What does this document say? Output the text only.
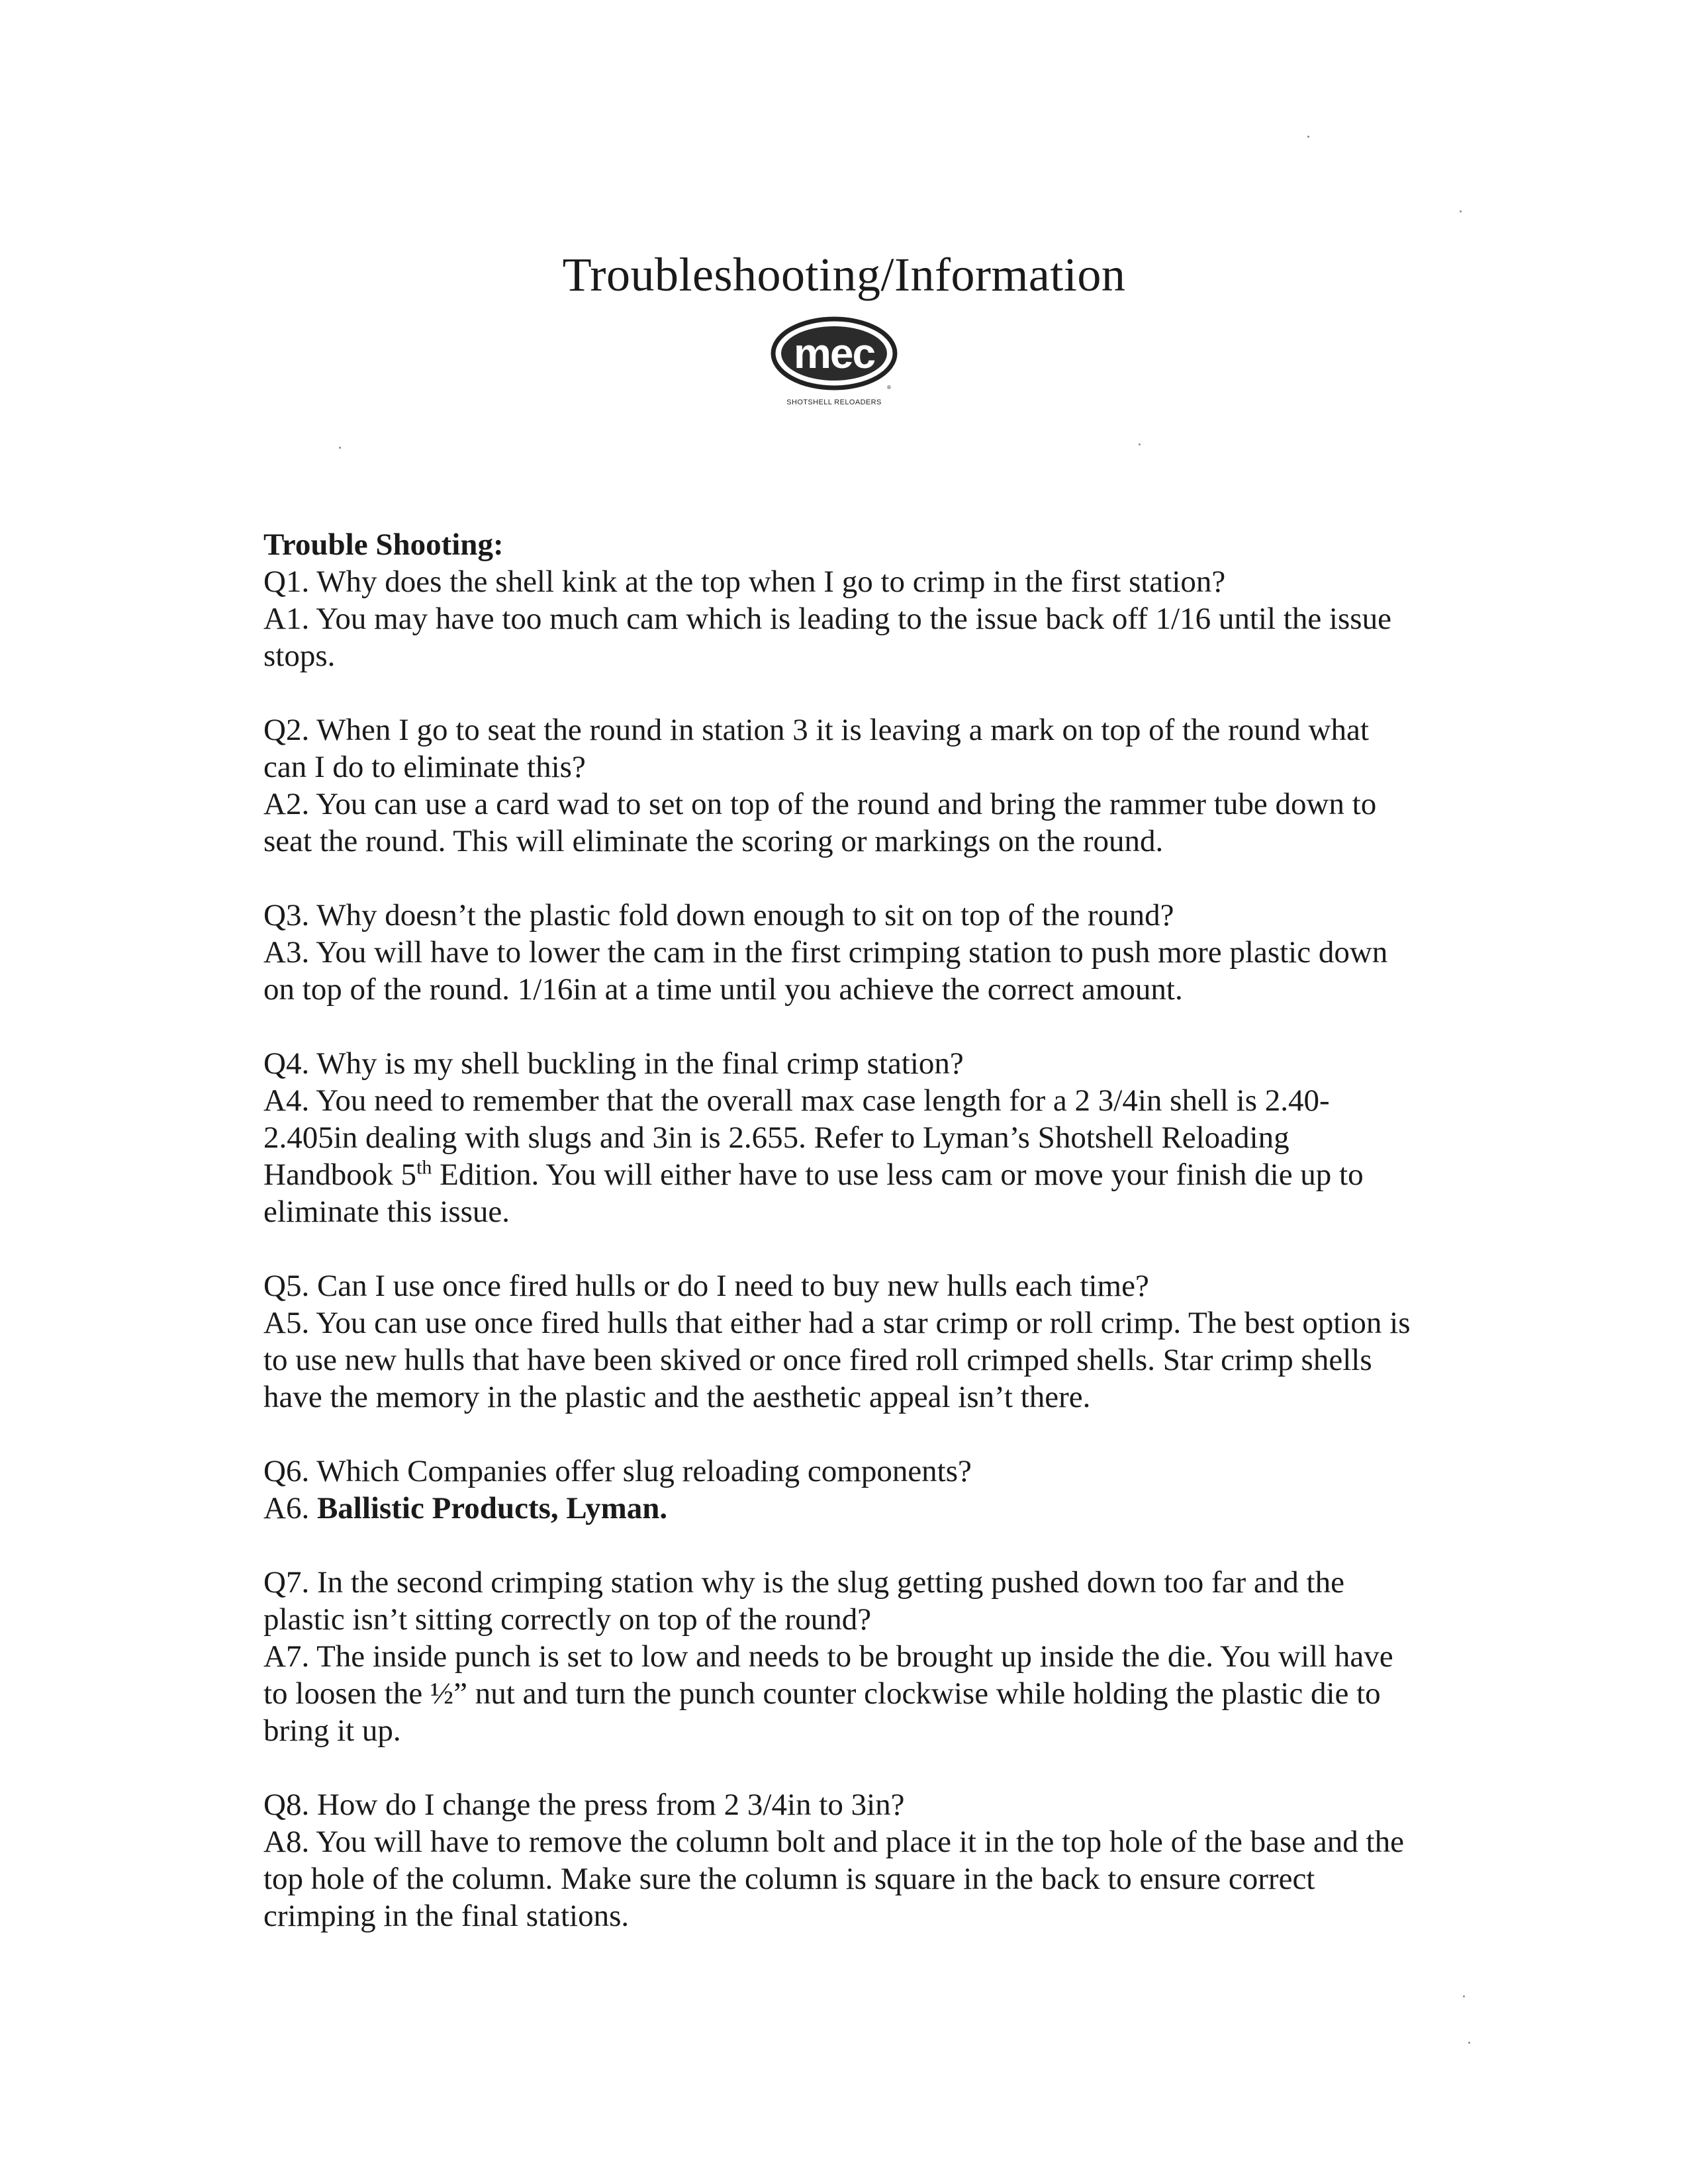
Troubleshooting/Information
mec
®
SHOTSHELL RELOADERS

Trouble Shooting:

Q1. Why does the shell kink at the top when I go to crimp in the first station?

A1. You may have too much cam which is leading to the issue back off 1/16 until the issue stops.

Q2. When I go to seat the round in station 3 it is leaving a mark on top of the round what can I do to eliminate this?

A2. You can use a card wad to set on top of the round and bring the rammer tube down to seat the round. This will eliminate the scoring or markings on the round.

Q3. Why doesn’t the plastic fold down enough to sit on top of the round?

A3. You will have to lower the cam in the first crimping station to push more plastic down on top of the round. 1/16in at a time until you achieve the correct amount.

Q4. Why is my shell buckling in the final crimp station?

A4. You need to remember that the overall max case length for a 2 3/4in shell is 2.40-2.405in dealing with slugs and 3in is 2.655. Refer to Lyman’s Shotshell Reloading Handbook 5th Edition. You will either have to use less cam or move your finish die up to eliminate this issue.

Q5. Can I use once fired hulls or do I need to buy new hulls each time?

A5. You can use once fired hulls that either had a star crimp or roll crimp. The best option is to use new hulls that have been skived or once fired roll crimped shells. Star crimp shells have the memory in the plastic and the aesthetic appeal isn’t there.

Q6. Which Companies offer slug reloading components?

A6. Ballistic Products, Lyman.

Q7. In the second crimping station why is the slug getting pushed down too far and the plastic isn’t sitting correctly on top of the round?

A7. The inside punch is set to low and needs to be brought up inside the die. You will have to loosen the ½” nut and turn the punch counter clockwise while holding the plastic die to bring it up.

Q8. How do I change the press from 2 3/4in to 3in?

A8. You will have to remove the column bolt and place it in the top hole of the base and the top hole of the column. Make sure the column is square in the back to ensure correct crimping in the final stations.
